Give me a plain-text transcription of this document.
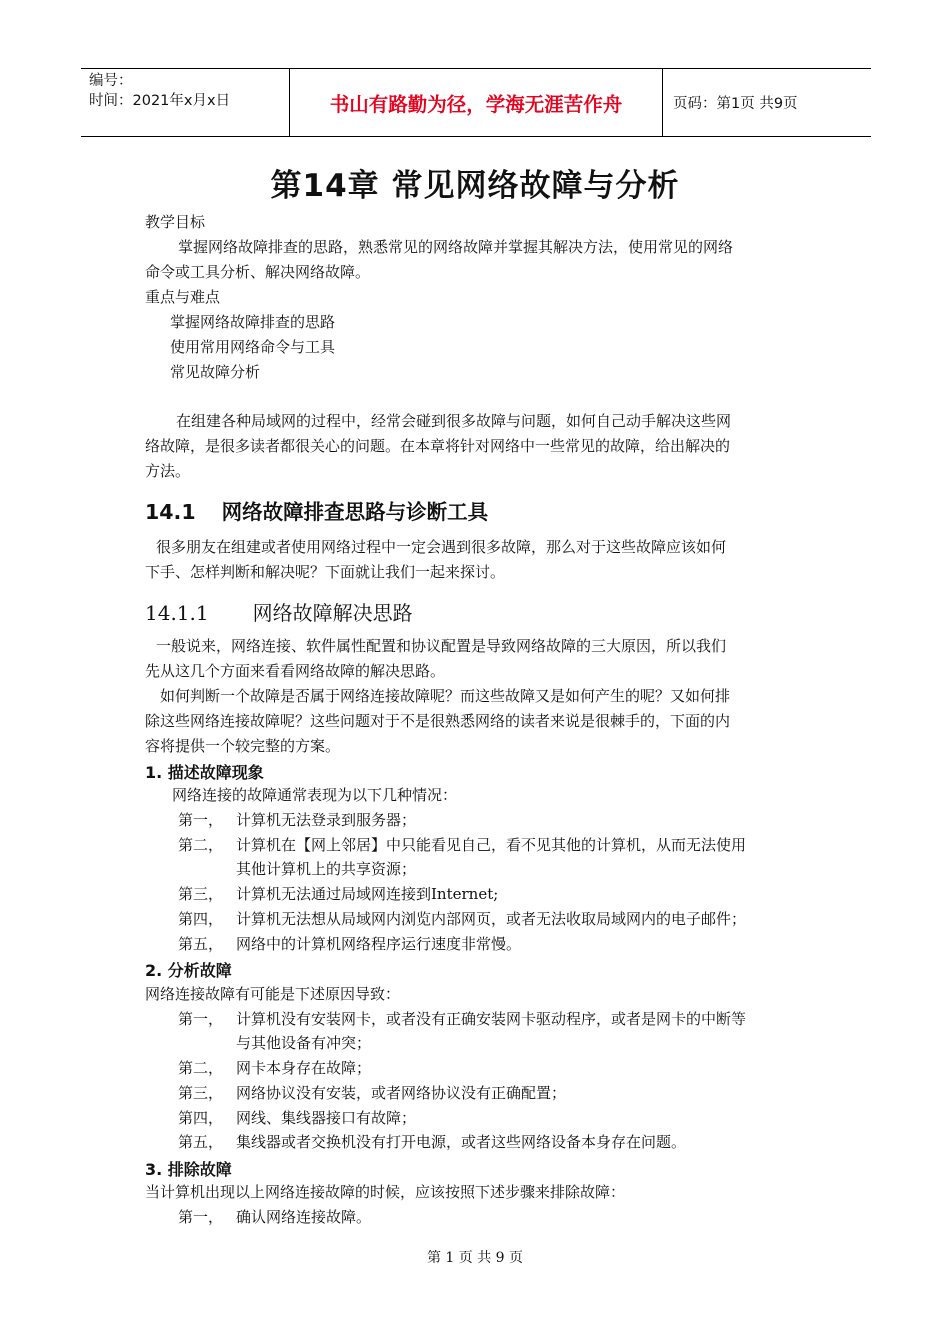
编号：
时间：2021年x月x日	书山有路勤为径，学海无涯苦作舟	页码：第1页 共9页
第14章 常见网络故障与分析
教学目标
掌握网络故障排查的思路，熟悉常见的网络故障并掌握其解决方法，使用常见的网络
命令或工具分析、解决网络故障。
重点与难点
掌握网络故障排查的思路
使用常用网络命令与工具
常见故障分析
在组建各种局域网的过程中，经常会碰到很多故障与问题，如何自己动手解决这些网
络故障，是很多读者都很关心的问题。在本章将针对网络中一些常见的故障，给出解决的
方法。
14.1 网络故障排查思路与诊断工具
很多朋友在组建或者使用网络过程中一定会遇到很多故障，那么对于这些故障应该如何
下手、怎样判断和解决呢？下面就让我们一起来探讨。
14.1.1 网络故障解决思路
一般说来，网络连接、软件属性配置和协议配置是导致网络故障的三大原因，所以我们
先从这几个方面来看看网络故障的解决思路。
如何判断一个故障是否属于网络连接故障呢？而这些故障又是如何产生的呢？又如何排
除这些网络连接故障呢？这些问题对于不是很熟悉网络的读者来说是很棘手的，下面的内
容将提供一个较完整的方案。
1. 描述故障现象
网络连接的故障通常表现为以下几种情况：
第一， 计算机无法登录到服务器；
第二， 计算机在【网上邻居】中只能看见自己，看不见其他的计算机，从而无法使用
其他计算机上的共享资源；
第三， 计算机无法通过局域网连接到Internet;
第四， 计算机无法想从局域网内浏览内部网页，或者无法收取局域网内的电子邮件；
第五， 网络中的计算机网络程序运行速度非常慢。
2. 分析故障
网络连接故障有可能是下述原因导致：
第一， 计算机没有安装网卡，或者没有正确安装网卡驱动程序，或者是网卡的中断等
与其他设备有冲突；
第二， 网卡本身存在故障；
第三， 网络协议没有安装，或者网络协议没有正确配置；
第四， 网线、集线器接口有故障；
第五， 集线器或者交换机没有打开电源，或者这些网络设备本身存在问题。
3. 排除故障
当计算机出现以上网络连接故障的时候，应该按照下述步骤来排除故障：
第一， 确认网络连接故障。
第 1 页 共 9 页
